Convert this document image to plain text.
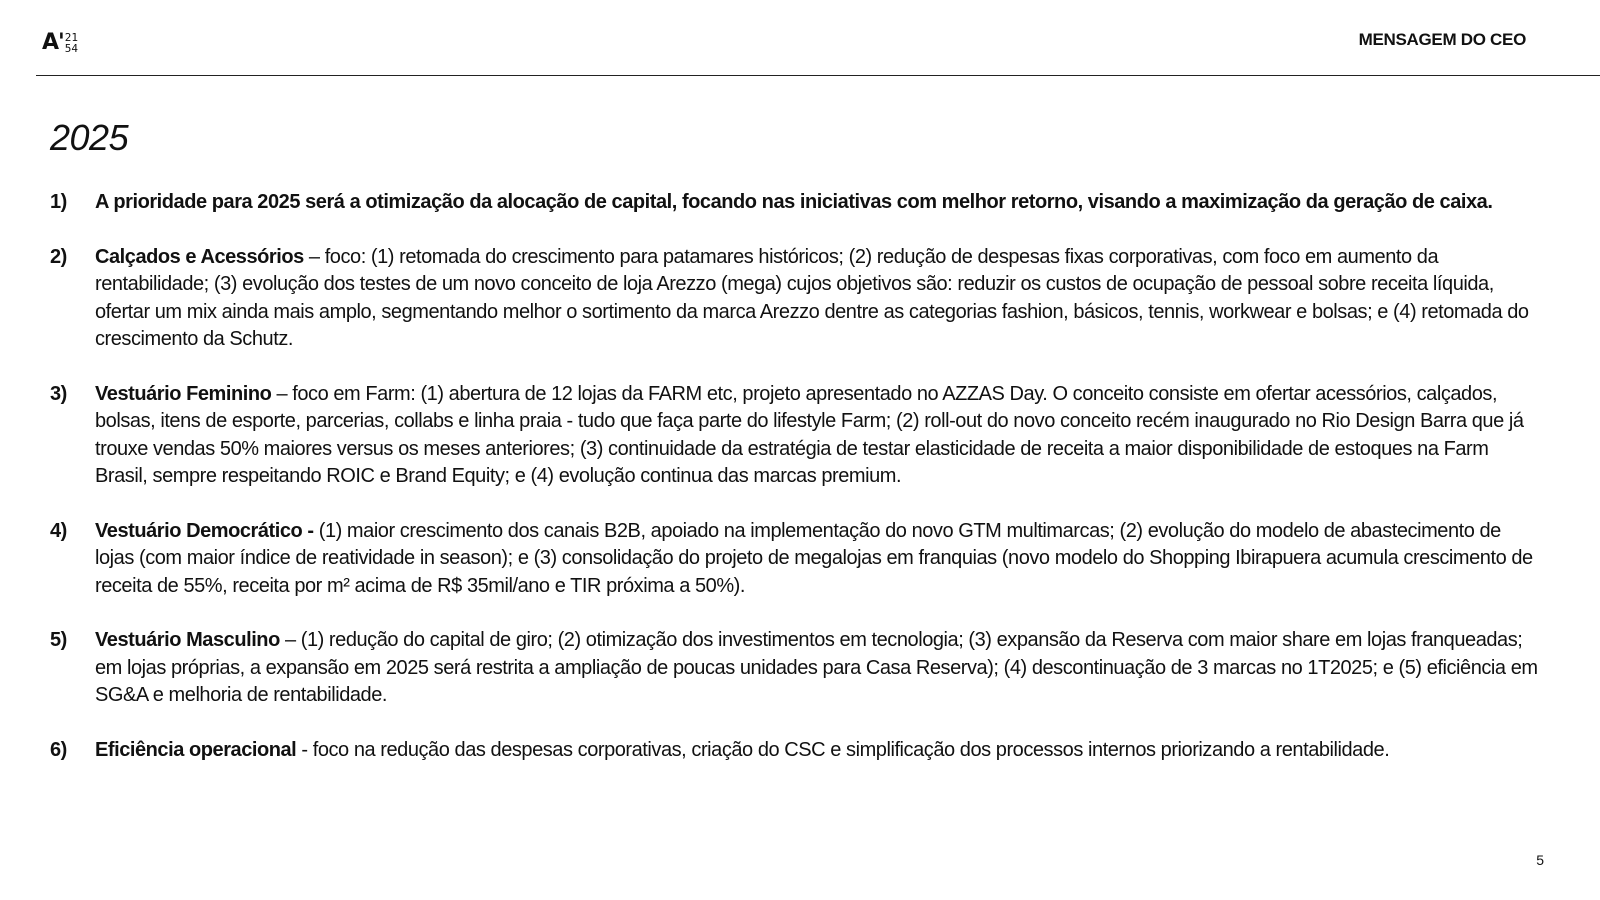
A' 21
54	MENSAGEM DO CEO
2025
1)	A prioridade para 2025 será a otimização da alocação de capital, focando nas iniciativas com melhor retorno, visando a maximização da geração de caixa.
2)	Calçados e Acessórios – foco: (1) retomada do crescimento para patamares históricos; (2) redução de despesas fixas corporativas, com foco em aumento da rentabilidade; (3) evolução dos testes de um novo conceito de loja Arezzo (mega) cujos objetivos são: reduzir os custos de ocupação de pessoal sobre receita líquida, ofertar um mix ainda mais amplo, segmentando melhor o sortimento da marca Arezzo dentre as categorias fashion, básicos, tennis, workwear e bolsas; e (4) retomada do crescimento da Schutz.
3)	Vestuário Feminino – foco em Farm: (1) abertura de 12 lojas da FARM etc, projeto apresentado no AZZAS Day. O conceito consiste em ofertar acessórios, calçados, bolsas, itens de esporte, parcerias, collabs e linha praia - tudo que faça parte do lifestyle Farm; (2) roll-out do novo conceito recém inaugurado no Rio Design Barra que já trouxe vendas 50% maiores versus os meses anteriores; (3) continuidade da estratégia de testar elasticidade de receita a maior disponibilidade de estoques na Farm Brasil, sempre respeitando ROIC e Brand Equity; e (4) evolução continua das marcas premium.
4)	Vestuário Democrático - (1) maior crescimento dos canais B2B, apoiado na implementação do novo GTM multimarcas; (2) evolução do modelo de abastecimento de lojas (com maior índice de reatividade in season); e (3) consolidação do projeto de megalojas em franquias (novo modelo do Shopping Ibirapuera acumula crescimento de receita de 55%, receita por m² acima de R$ 35mil/ano e TIR próxima a 50%).
5)	Vestuário Masculino – (1) redução do capital de giro; (2) otimização dos investimentos em tecnologia; (3) expansão da Reserva com maior share em lojas franqueadas; em lojas próprias, a expansão em 2025 será restrita a ampliação de poucas unidades para Casa Reserva); (4) descontinuação de 3 marcas no 1T2025; e (5) eficiência em SG&A e melhoria de rentabilidade.
6)	Eficiência operacional - foco na redução das despesas corporativas, criação do CSC e simplificação dos processos internos priorizando a rentabilidade.
5
